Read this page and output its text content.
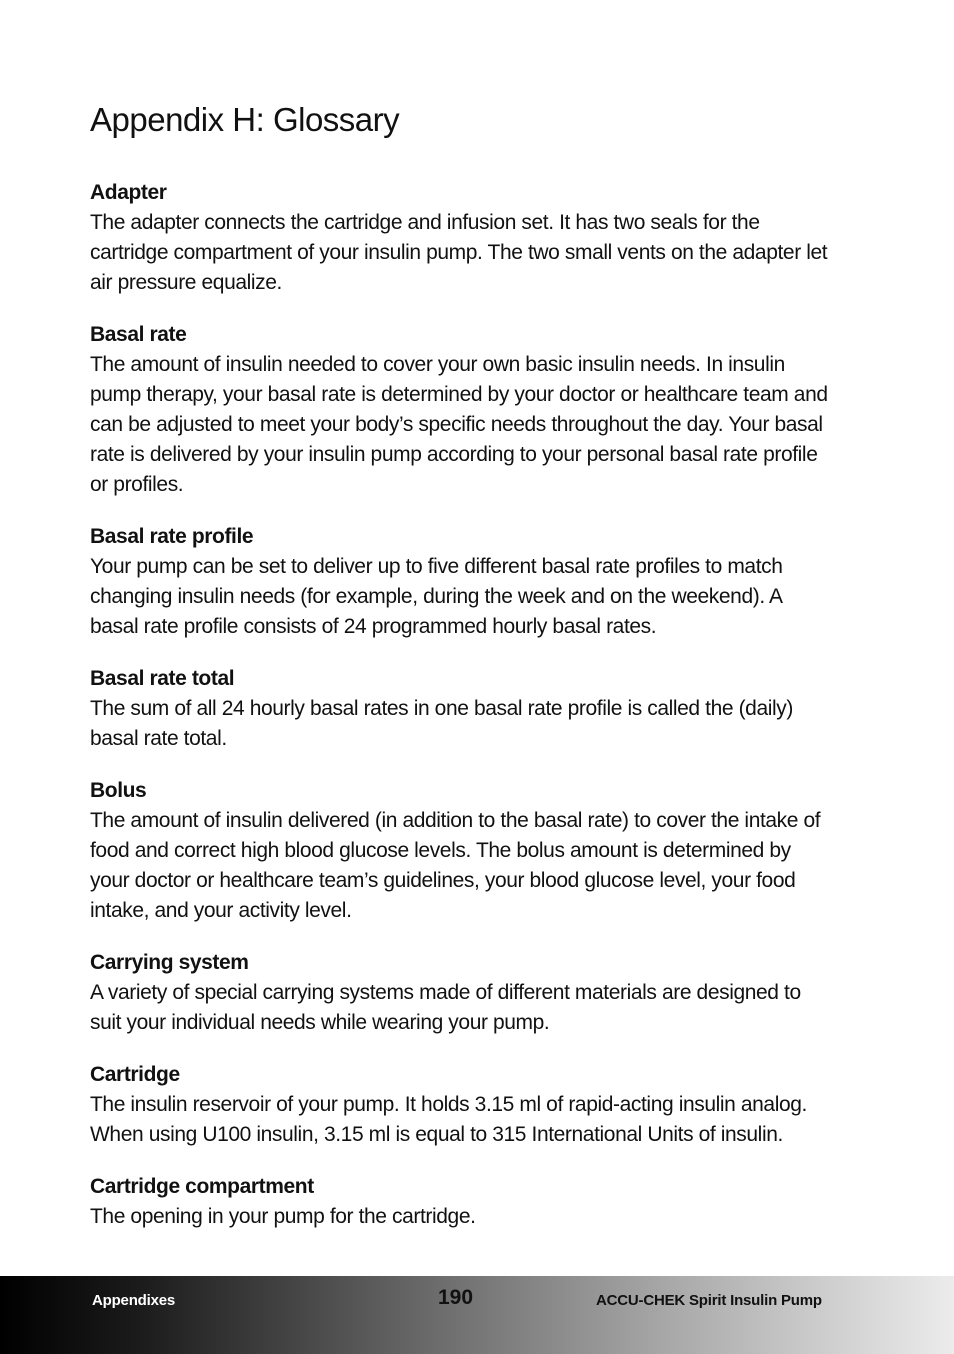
Appendix H: Glossary

Adapter

The adapter connects the cartridge and infusion set. It has two seals for the cartridge compartment of your insulin pump. The two small vents on the adapter let air pressure equalize.

Basal rate

The amount of insulin needed to cover your own basic insulin needs. In insulin pump therapy, your basal rate is determined by your doctor or healthcare team and can be adjusted to meet your body’s specific needs throughout the day. Your basal rate is delivered by your insulin pump according to your personal basal rate profile or profiles.

Basal rate profile

Your pump can be set to deliver up to five different basal rate profiles to match changing insulin needs (for example, during the week and on the weekend). A basal rate profile consists of 24 programmed hourly basal rates.

Basal rate total

The sum of all 24 hourly basal rates in one basal rate profile is called the (daily) basal rate total.

Bolus

The amount of insulin delivered (in addition to the basal rate) to cover the intake of food and correct high blood glucose levels. The bolus amount is determined by your doctor or healthcare team’s guidelines, your blood glucose level, your food intake, and your activity level.

Carrying system

A variety of special carrying systems made of different materials are designed to suit your individual needs while wearing your pump.

Cartridge

The insulin reservoir of your pump. It holds 3.15 ml of rapid-acting insulin analog. When using U100 insulin, 3.15 ml is equal to 315 International Units of insulin.

Cartridge compartment

The opening in your pump for the cartridge.

Appendixes	190	ACCU-CHEK Spirit Insulin Pump
